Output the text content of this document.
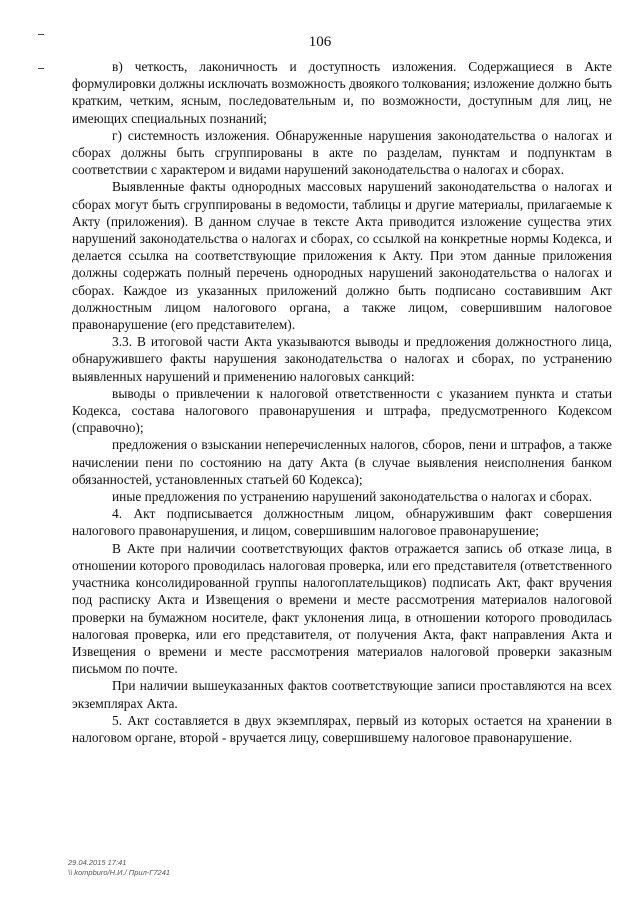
106

в) четкость, лаконичность и доступность изложения. Содержащиеся в Акте формулировки должны исключать возможность двоякого толкования; изложение должно быть кратким, четким, ясным, последовательным и, по возможности, доступным для лиц, не имеющих специальных познаний;

г) системность изложения. Обнаруженные нарушения законодательства о налогах и сборах должны быть сгруппированы в акте по разделам, пунктам и подпунктам в соответствии с характером и видами нарушений законодательства о налогах и сборах.

Выявленные факты однородных массовых нарушений законодательства о налогах и сборах могут быть сгруппированы в ведомости, таблицы и другие материалы, прилагаемые к Акту (приложения). В данном случае в тексте Акта приводится изложение существа этих нарушений законодательства о налогах и сборах, со ссылкой на конкретные нормы Кодекса, и делается ссылка на соответствующие приложения к Акту. При этом данные приложения должны содержать полный перечень однородных нарушений законодательства о налогах и сборах. Каждое из указанных приложений должно быть подписано составившим Акт должностным лицом налогового органа, а также лицом, совершившим налоговое правонарушение (его представителем).

3.3. В итоговой части Акта указываются выводы и предложения должностного лица, обнаружившего факты нарушения законодательства о налогах и сборах, по устранению выявленных нарушений и применению налоговых санкций:

выводы о привлечении к налоговой ответственности с указанием пункта и статьи Кодекса, состава налогового правонарушения и штрафа, предусмотренного Кодексом (справочно);

предложения о взыскании неперечисленных налогов, сборов, пени и штрафов, а также начислении пени по состоянию на дату Акта (в случае выявления неисполнения банком обязанностей, установленных статьей 60 Кодекса);

иные предложения по устранению нарушений законодательства о налогах и сборах.

4. Акт подписывается должностным лицом, обнаружившим факт совершения налогового правонарушения, и лицом, совершившим налоговое правонарушение;

В Акте при наличии соответствующих фактов отражается запись об отказе лица, в отношении которого проводилась налоговая проверка, или его представителя (ответственного участника консолидированной группы налогоплательщиков) подписать Акт, факт вручения под расписку Акта и Извещения о времени и месте рассмотрения материалов налоговой проверки на бумажном носителе, факт уклонения лица, в отношении которого проводилась налоговая проверка, или его представителя, от получения Акта, факт направления Акта и Извещения о времени и месте рассмотрения материалов налоговой проверки заказным письмом по почте.

При наличии вышеуказанных фактов соответствующие записи проставляются на всех экземплярах Акта.

5. Акт составляется в двух экземплярах, первый из которых остается на хранении в налоговом органе, второй - вручается лицу, совершившему налоговое правонарушение.

29.04.2015 17:41
\\ kompburo/Н.И./ Прил-Г7241
